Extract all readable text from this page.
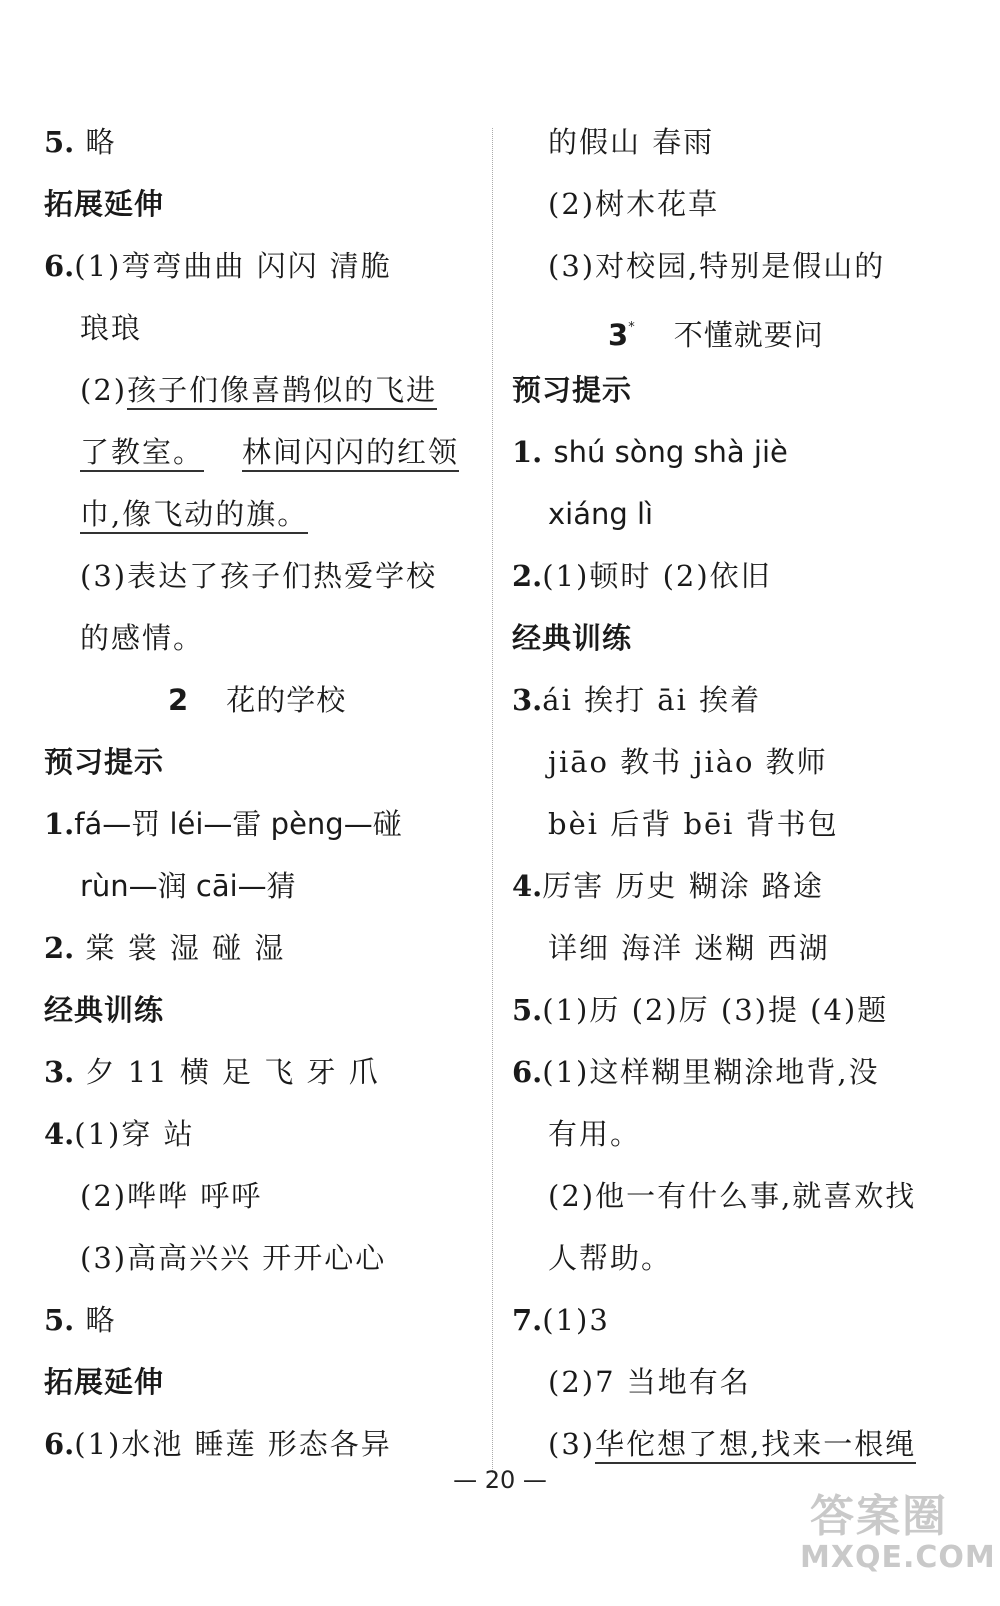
5. 略
拓展延伸
6.(1)弯弯曲曲 闪闪 清脆
琅琅
(2)孩子们像喜鹊似的飞进
了教室。 林间闪闪的红领
巾,像飞动的旗。
(3)表达了孩子们热爱学校
的感情。
2 花的学校
预习提示
1.fá—罚 léi—雷 pèng—碰
rùn—润 cāi—猜
2. 棠 裳 湿 碰 湿
经典训练
3. 夕 11 横 足 飞 牙 爪
4.(1)穿 站
(2)哗哗 呼呼
(3)高高兴兴 开开心心
5. 略
拓展延伸
6.(1)水池 睡莲 形态各异
的假山 春雨
(2)树木花草
(3)对校园,特别是假山的
3* 不懂就要问
预习提示
1. shú sòng shà jiè
xiáng lì
2.(1)顿时 (2)依旧
经典训练
3.ái 挨打 āi 挨着
jiāo 教书 jiào 教师
bèi 后背 bēi 背书包
4.厉害 历史 糊涂 路途
详细 海洋 迷糊 西湖
5.(1)历 (2)厉 (3)提 (4)题
6.(1)这样糊里糊涂地背,没
有用。
(2)他一有什么事,就喜欢找
人帮助。
7.(1)3
(2)7 当地有名
(3)华佗想了想,找来一根绳
— 20 —
答案圈
MXQE.COM
